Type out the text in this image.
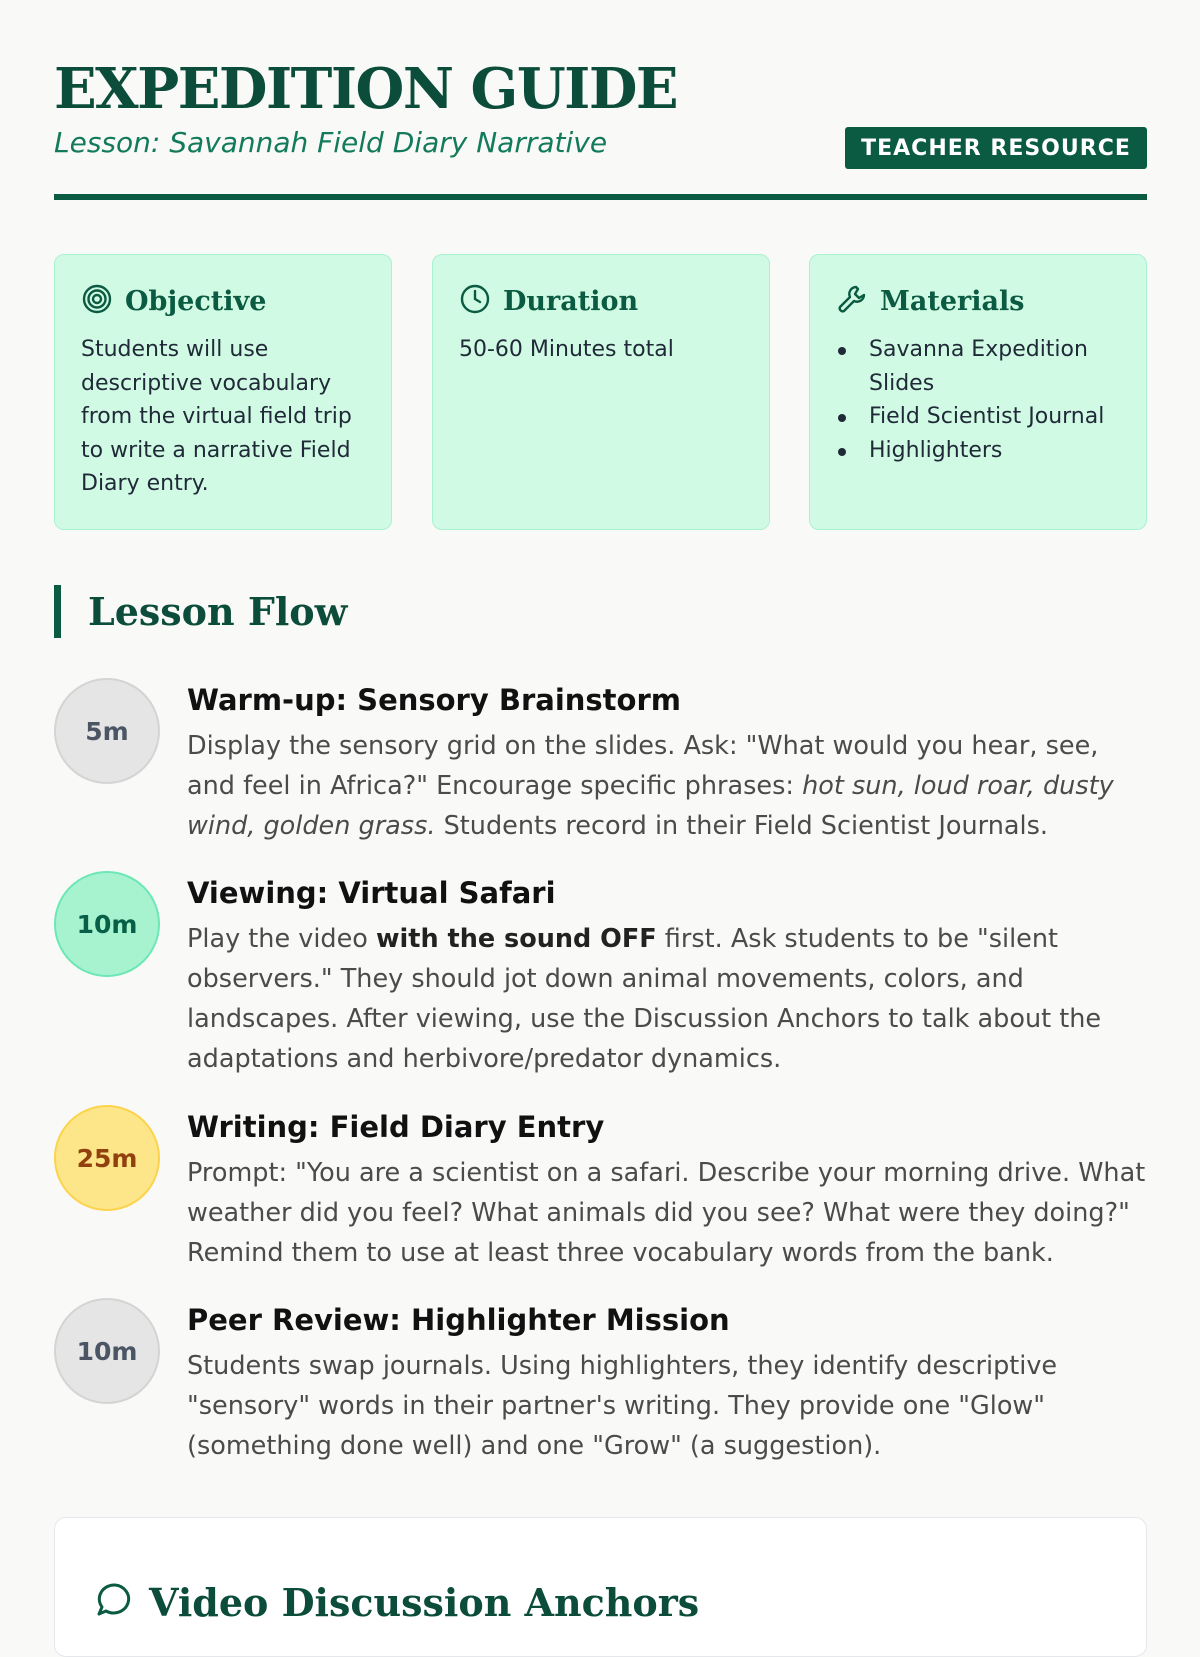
EXPEDITION GUIDE
Lesson: Savannah Field Diary Narrative	TEACHER RESOURCE
Objective
Students will use descriptive vocabulary from the virtual field trip to write a narrative Field Diary entry.
Duration
50-60 Minutes total
Materials
Savanna Expedition Slides
Field Scientist Journal
Highlighters
Lesson Flow
5m
Warm-up: Sensory Brainstorm
Display the sensory grid on the slides. Ask: "What would you hear, see, and feel in Africa?" Encourage specific phrases: hot sun, loud roar, dusty wind, golden grass. Students record in their Field Scientist Journals.
10m
Viewing: Virtual Safari
Play the video with the sound OFF first. Ask students to be "silent observers." They should jot down animal movements, colors, and landscapes. After viewing, use the Discussion Anchors to talk about the adaptations and herbivore/predator dynamics.
25m
Writing: Field Diary Entry
Prompt: "You are a scientist on a safari. Describe your morning drive. What weather did you feel? What animals did you see? What were they doing?" Remind them to use at least three vocabulary words from the bank.
10m
Peer Review: Highlighter Mission
Students swap journals. Using highlighters, they identify descriptive "sensory" words in their partner's writing. They provide one "Glow" (something done well) and one "Grow" (a suggestion).
Video Discussion Anchors
